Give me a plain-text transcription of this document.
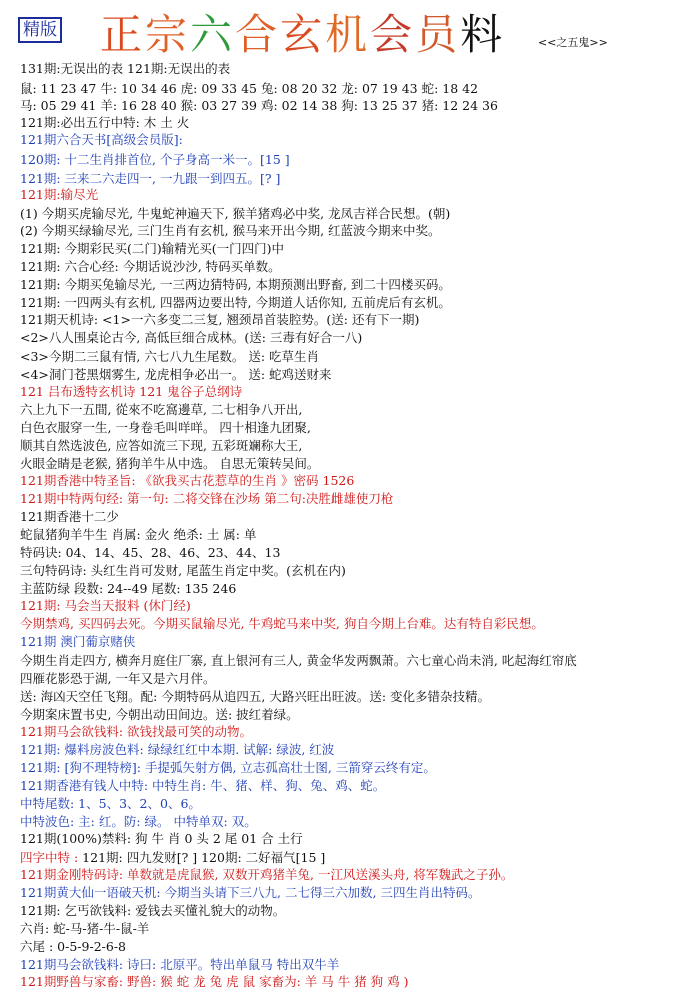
精版 正宗六合玄机会员料	<<之五鬼>>
131期:无误出的表 121期:无误出的表
鼠: 11 23 47 牛: 10 34 46 虎: 09 33 45 兔: 08 20 32 龙: 07 19 43 蛇: 18 42
马: 05 29 41 羊: 16 28 40 猴: 03 27 39 鸡: 02 14 38 狗: 13 25 37 猪: 12 24 36
121期:必出五行中特: 木 土 火
121期六合天书[高级会员版]:
120期: 十二生肖排首位, 个子身高一米一。[15 ]
121期: 三来二六走四一, 一九跟一到四五。[? ]
121期:输尽光
(1) 今期买虎输尽光, 牛鬼蛇神遍天下, 猴羊猪鸡必中奖, 龙凤吉祥合民想。(朝)
(2) 今期买绿输尽光, 三门生肖有玄机, 猴马来开出今期, 红蓝波今期来中奖。
121期: 今期彩民买(二门)输精光买(一门四门)中
121期: 六合心经: 今期话说沙沙, 特码买单数。
121期: 今期买兔输尽光, 一三两边猜特码, 本期预测出野畜, 到二十四楼买码。
121期: 一四两头有玄机, 四器两边要出特, 今期道人话你知, 五前虎后有玄机。
121期天机诗: <1>一六多变二三复, 翘颈昂首装腔势。(送: 还有下一期)
<2>八人围桌论古今, 高低巨细合成林。(送: 三毒有好合一八)
<3>今期二三鼠有情, 六七八九生尾数。 送: 吃草生肖
<4>洞门苍黑烟雾生, 龙虎相争必出一。 送: 蛇鸡送财来
121 吕布透特玄机诗 121 鬼谷子总纲诗
六上九下一五間, 從來不吃窩邊草, 二七相争八开出,
白色衣服穿一生, 一身卷毛叫咩咩。 四十相逢九团聚,
顺其自然选波色, 应答如流三下现, 五彩斑斓称大王,
火眼金睛是老猴, 猪狗羊牛从中选。 自思无策转吴间。
121期香港中特圣旨: 《欲我买古花惹草的生肖 》密码 1526
121期中特两句经: 第一句: 二将交锋在沙场 第二句:决胜雌雄使刀枪
121期香港十二少
蛇鼠猪狗羊牛生 肖属: 金火 绝杀: 土 属: 单
特码诀: 04、14、45、28、46、23、44、13
三句特码诗: 头红生肖可发财, 尾蓝生肖定中奖。(玄机在内)
主蓝防绿 段数: 24--49 尾数: 135 246
121期: 马会当天报料 (休门经)
今期禁鸡, 买四码去死。今期买鼠输尽光, 牛鸡蛇马来中奖, 狗自今期上台难。达有特自彩民想。
121期 澳门葡京赌侠
今期生肖走四方, 横奔月庭住厂寨, 直上银河有三人, 黄金华发两飘萧。六七童心尚未消, 叱起海红帘底
四雁花影恐于湖, 一年又是六月伴。
送: 海凶天空任飞翔。配: 今期特码从追四五, 大路兴旺出旺波。送: 变化多错杂技精。
今期案床置书史, 今朝出动田间边。送: 披红着绿。
121期马会欲钱料: 欲钱找最可笑的动物。
121期: 爆料房波色料: 绿绿红红中本期. 试解: 绿波, 红波
121期: [狗不理特榜]: 手提弧矢射方偶, 立志孤高壮士图, 三箭穿云终有定。
121期香港有钱人中特: 中特生肖: 牛、猪、样、狗、兔、鸡、蛇。
中特尾数: 1、5、3、2、0、6。
中特波色: 主: 红。防: 绿。 中特单双: 双。
121期(100%)禁料: 狗 牛 肖 0 头 2 尾 01 合 土行
四字中特 : 121期: 四九发财[? ] 120期: 二好福气[15 ]
121期金刚特码诗: 单数就是虎鼠猴, 双数开鸡猪羊兔, 一江风送溪头舟, 将军魏武之子孙。
121期黄大仙一语破天机: 今期当头请下三八九, 二七得三六加数, 三四生肖出特码。
121期: 乞丐欲钱料: 爱钱去买懂礼貌大的动物。
六肖: 蛇-马-猪-牛-鼠-羊
六尾 : 0-5-9-2-6-8
121期马会欲钱料: 诗曰: 北原平。特出单鼠马 特出双牛羊
121期野兽与家畜: 野兽: 猴 蛇 龙 兔 虎 鼠 家畜为: 羊 马 牛 猪 狗 鸡 )
